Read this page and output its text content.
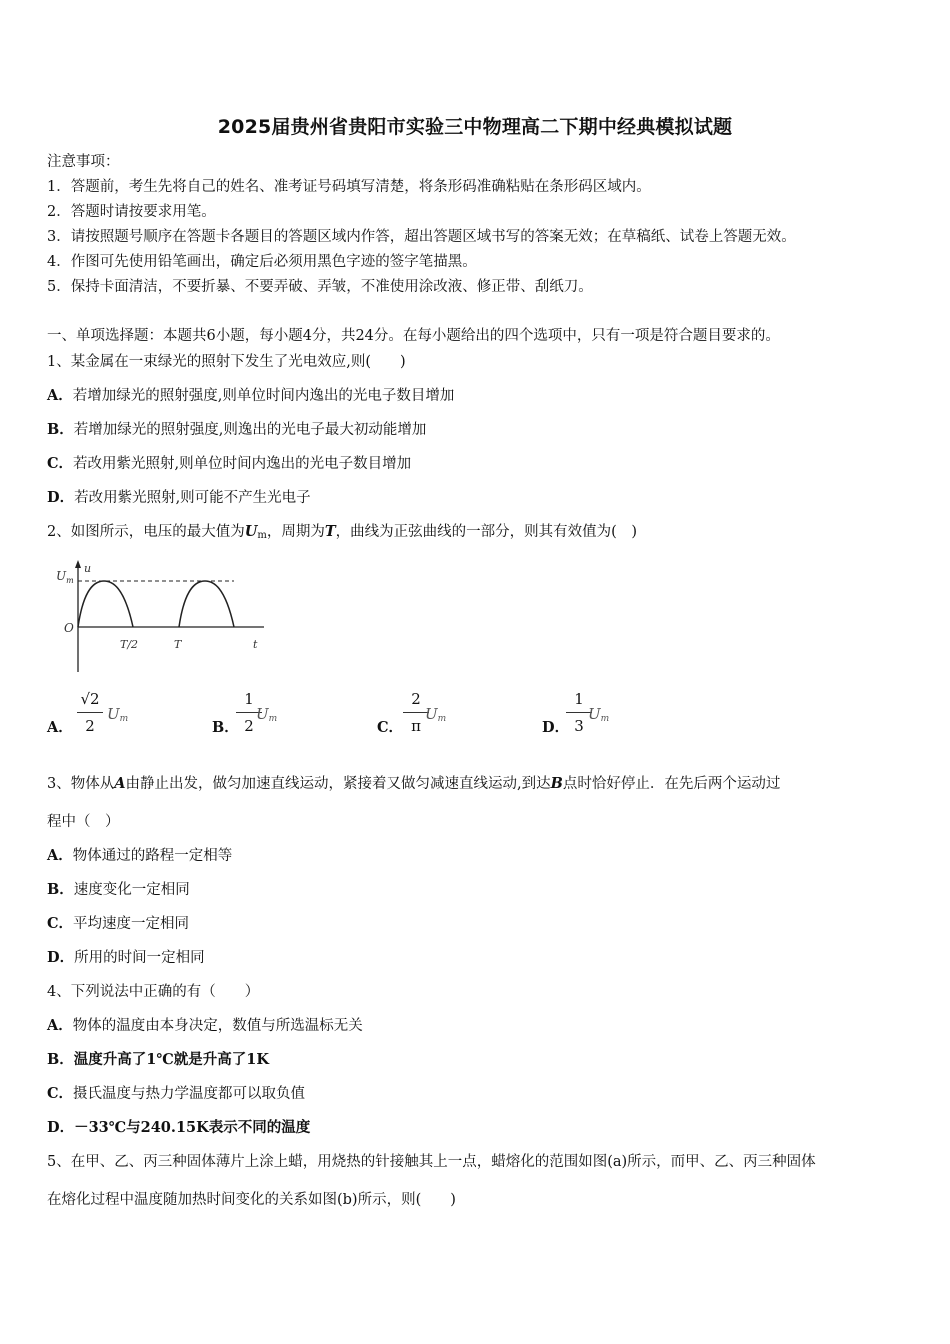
2025届贵州省贵阳市实验三中物理高二下期中经典模拟试题
注意事项：
1．答题前，考生先将自己的姓名、准考证号码填写清楚，将条形码准确粘贴在条形码区域内。
2．答题时请按要求用笔。
3．请按照题号顺序在答题卡各题目的答题区域内作答，超出答题区域书写的答案无效；在草稿纸、试卷上答题无效。
4．作图可先使用铅笔画出，确定后必须用黑色字迹的签字笔描黑。
5．保持卡面清洁，不要折暴、不要弄破、弄皱，不准使用涂改液、修正带、刮纸刀。
一、单项选择题：本题共6小题，每小题4分，共24分。在每小题给出的四个选项中，只有一项是符合题目要求的。
1、某金属在一束绿光的照射下发生了光电效应,则(　　)
A．若增加绿光的照射强度,则单位时间内逸出的光电子数目增加
B．若增加绿光的照射强度,则逸出的光电子最大初动能增加
C．若改用紫光照射,则单位时间内逸出的光电子数目增加
D．若改用紫光照射,则可能不产生光电子
2、如图所示，电压的最大值为$U_m$，周期为T，曲线为正弦曲线的一部分，则其有效值为(　)
$U_m$
u
O
T/2	T	t
A．
√2
2
$U_m$	B．
1
2
$U_m$	C．
2
π
$U_m$	D．
1
3
$U_m$
3、物体从A由静止出发，做匀加速直线运动，紧接着又做匀减速直线运动,到达B点时恰好停止．在先后两个运动过
程中（　）
A．物体通过的路程一定相等
B．速度变化一定相同
C．平均速度一定相同
D．所用的时间一定相同
4、下列说法中正确的有（　　）
A．物体的温度由本身决定，数值与所选温标无关
B．温度升高了1℃就是升高了1K
C．摄氏温度与热力学温度都可以取负值
D．－33℃与240.15K表示不同的温度
5、在甲、乙、丙三种固体薄片上涂上蜡，用烧热的针接触其上一点，蜡熔化的范围如图(a)所示，而甲、乙、丙三种固体
在熔化过程中温度随加热时间变化的关系如图(b)所示，则(　　)
